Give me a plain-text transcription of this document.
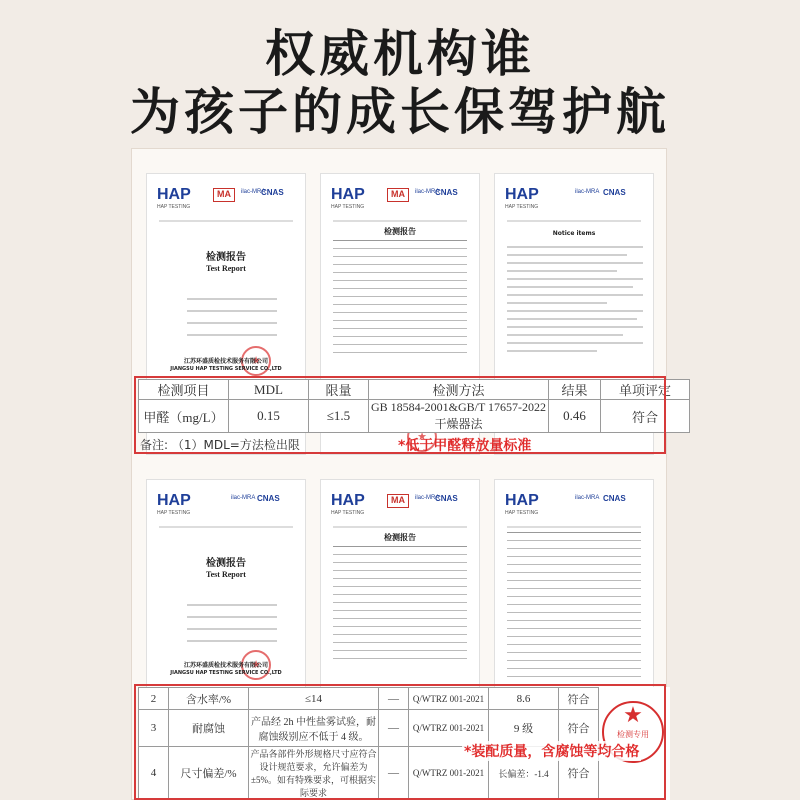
权威机构谁
为孩子的成长保驾护航
HAP
HAP TESTING
MA	ilac-MRA
CNAS
检测报告
Test Report
★
江苏环盛质检技术服务有限公司
JIANGSU HAP TESTING SERVICE CO.,LTD
HAP
HAP TESTING
MA	ilac-MRA
CNAS
检测报告
★
HAP
HAP TESTING
ilac-MRA CNAS
Notice items
检测项目	MDL	限量	检测方法	结果	单项评定
甲醛（mg/L）	0.15	≤1.5	GB 18584-2001&GB/T 17657-2022 干燥器法	0.46	符合
备注: （1）MDL=方法检出限	*低于甲醛释放量标准
HAP
HAP TESTING
ilac-MRA CNAS
检测报告
Test Report
★
江苏环盛质检技术服务有限公司
JIANGSU HAP TESTING SERVICE CO.,LTD
HAP
HAP TESTING
MA	ilac-MRA
CNAS
检测报告
★
HAP
HAP TESTING
ilac-MRA CNAS
2	含水率/%	≤14	—	Q/WTRZ 001-2021	8.6	符合	
3	耐腐蚀	产品经 2h 中性盐雾试验，耐腐蚀级别应不低于 4 级。	—	Q/WTRZ 001-2021	9 级	符合	
4	尺寸偏差/%	产品各部件外形规格尺寸应符合设计规范要求，允许偏差为±5%。如有特殊要求，可根据实际要求	—	Q/WTRZ 001-2021	长偏差：-1.4	符合	
★
检测专用
*装配质量，含腐蚀等均合格
